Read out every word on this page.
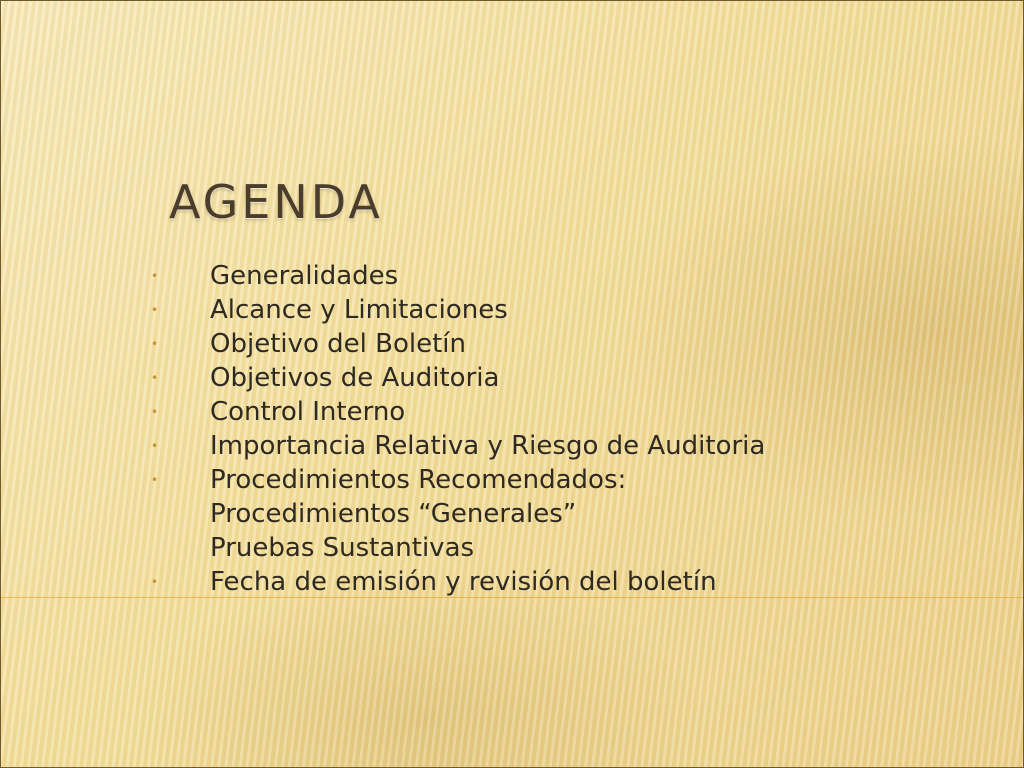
AGENDA
• Generalidades
• Alcance y Limitaciones
• Objetivo del Boletín
• Objetivos de Auditoria
• Control Interno
• Importancia Relativa y Riesgo de Auditoria
• Procedimientos Recomendados:
Procedimientos “Generales”
Pruebas Sustantivas
• Fecha de emisión y revisión del boletín
